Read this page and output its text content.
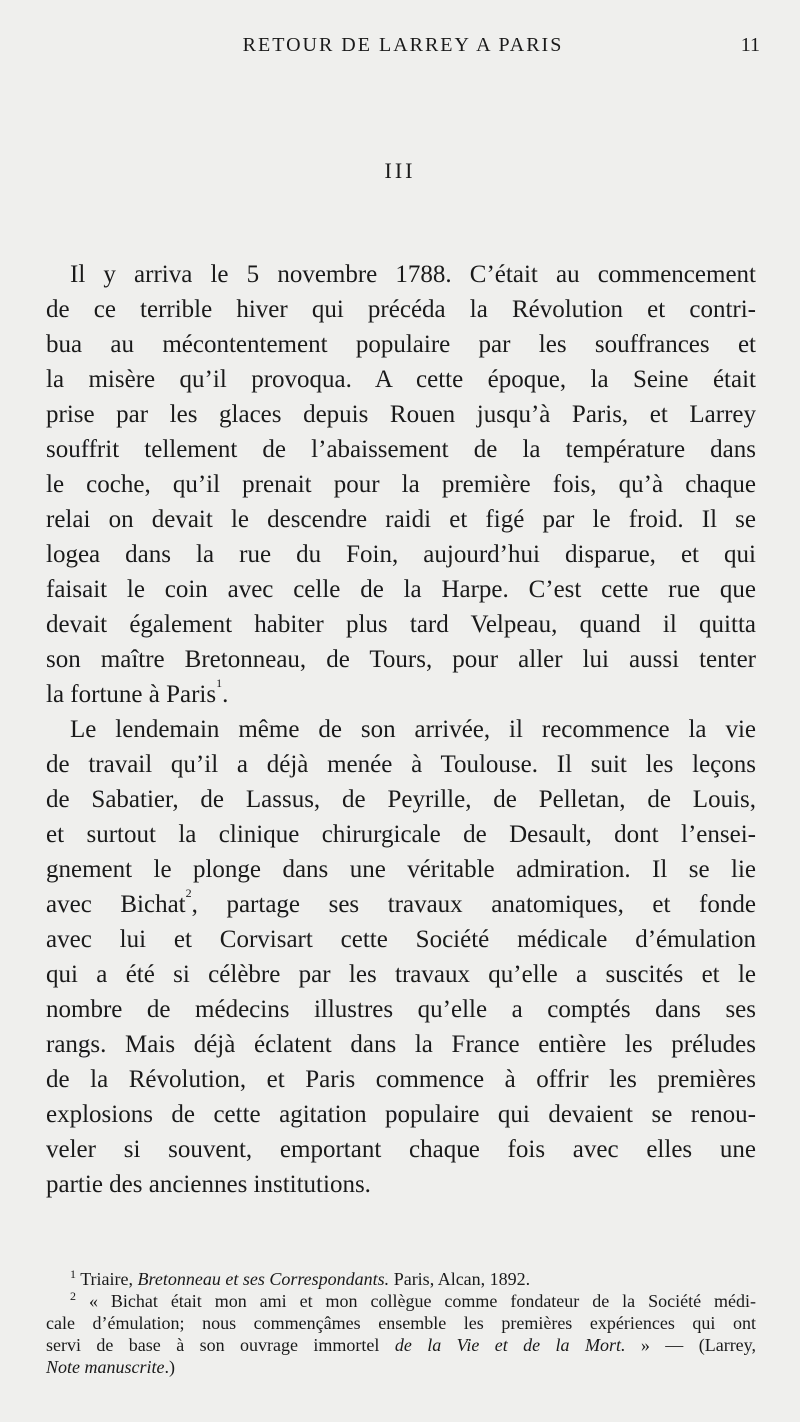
RETOUR DE LARREY A PARIS	11
III
Il y arriva le 5 novembre 1788. C’était au commencement
de ce terrible hiver qui précéda la Révolution et contri-
bua au mécontentement populaire par les souffrances et
la misère qu’il provoqua. A cette époque, la Seine était
prise par les glaces depuis Rouen jusqu’à Paris, et Larrey
souffrit tellement de l’abaissement de la température dans
le coche, qu’il prenait pour la première fois, qu’à chaque
relai on devait le descendre raidi et figé par le froid. Il se
logea dans la rue du Foin, aujourd’hui disparue, et qui
faisait le coin avec celle de la Harpe. C’est cette rue que
devait également habiter plus tard Velpeau, quand il quitta
son maître Bretonneau, de Tours, pour aller lui aussi tenter
la fortune à Paris$^1$.
Le lendemain même de son arrivée, il recommence la vie
de travail qu’il a déjà menée à Toulouse. Il suit les leçons
de Sabatier, de Lassus, de Peyrille, de Pelletan, de Louis,
et surtout la clinique chirurgicale de Desault, dont l’ensei-
gnement le plonge dans une véritable admiration. Il se lie
avec Bichat$^2$, partage ses travaux anatomiques, et fonde
avec lui et Corvisart cette Société médicale d’émulation
qui a été si célèbre par les travaux qu’elle a suscités et le
nombre de médecins illustres qu’elle a comptés dans ses
rangs. Mais déjà éclatent dans la France entière les préludes
de la Révolution, et Paris commence à offrir les premières
explosions de cette agitation populaire qui devaient se renou-
veler si souvent, emportant chaque fois avec elles une
partie des anciennes institutions.
$^1$ Triaire, Bretonneau et ses Correspondants. Paris, Alcan, 1892.
$^2$ « Bichat était mon ami et mon collègue comme fondateur de la Société médi-
cale d’émulation; nous commençâmes ensemble les premières expériences qui ont
servi de base à son ouvrage immortel de la Vie et de la Mort. » — (Larrey,
Note manuscrite.)
